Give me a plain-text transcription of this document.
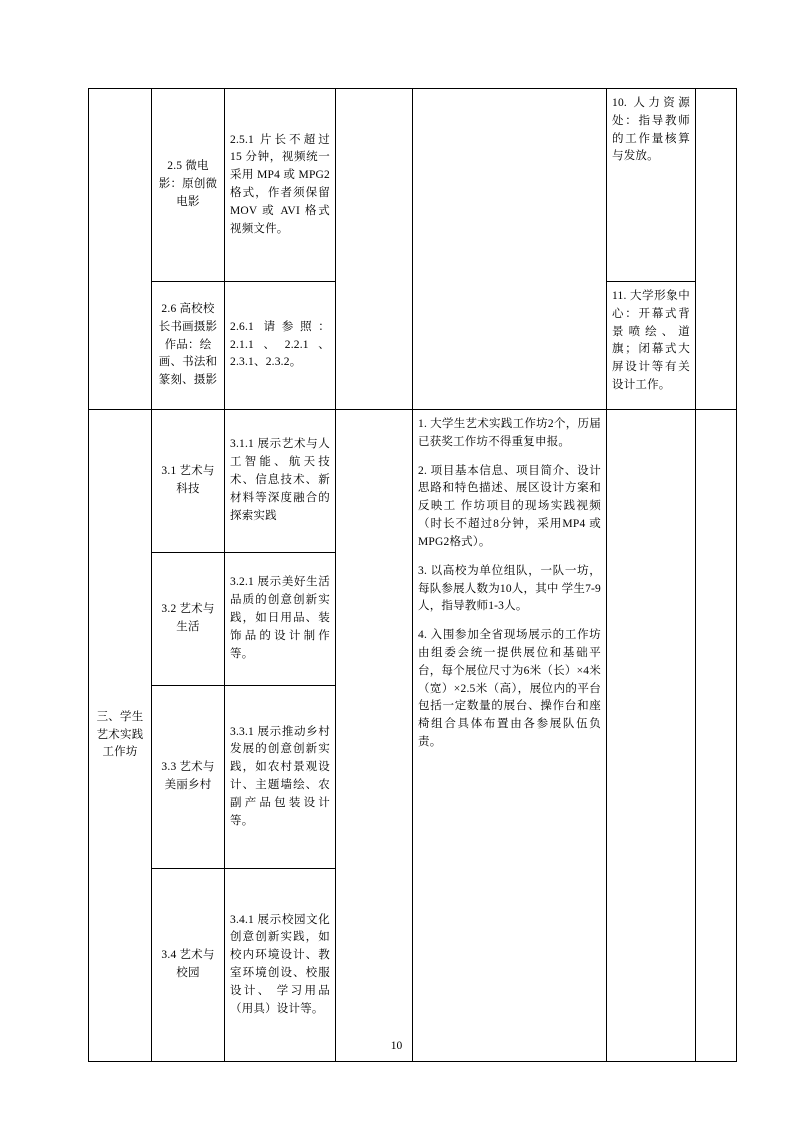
	2.5 微电影：原创微电影	2.5.1 片长不超过 15 分钟，视频统一采用 MP4 或 MPG2 格式，作者须保留 MOV 或 AVI 格式视频文件。			10. 人力资源处：指导教师的工作量核算与发放。	
	2.6 高校校长书画摄影作品：绘画、书法和篆刻、摄影	2.6.1 请参照：2.1.1、2.2.1、2.3.1、2.3.2。			11. 大学形象中心：开幕式背景喷绘、道旗；闭幕式大屏设计等有关设计工作。	
三、学生艺术实践工作坊	3.1 艺术与科技	3.1.1 展示艺术与人工智能、航天技术、信息技术、新材料等深度融合的探索实践		1. 大学生艺术实践工作坊2个，历届已获奖工作坊不得重复申报。

2. 项目基本信息、项目简介、设计思路和特色描述、展区设计方案和反映工 作坊项目的现场实践视频（时长不超过8分钟，采用MP4 或MPG2格式）。

3. 以高校为单位组队，一队一坊，每队参展人数为10人，其中 学生7-9人，指导教师1-3人。

4. 入围参加全省现场展示的工作坊由组委会统一提供展位和基础平台，每个展位尺寸为6米（长）×4米（宽）×2.5米（高），展位内的平台包括一定数量的展台、操作台和座椅组合具体布置由各参展队伍负责。		

	3.2 艺术与生活	3.2.1 展示美好生活品质的创意创新实践，如日用品、装饰品的设计制作等。				
	3.3 艺术与美丽乡村	3.3.1 展示推动乡村发展的创意创新实践，如农村景观设计、主题墙绘、农副产品包装设计等。				
	3.4 艺术与校园	3.4.1 展示校园文化创意创新实践，如校内环境设计、教室环境创设、校服设计、 学习用品（用具）设计等。				
10
